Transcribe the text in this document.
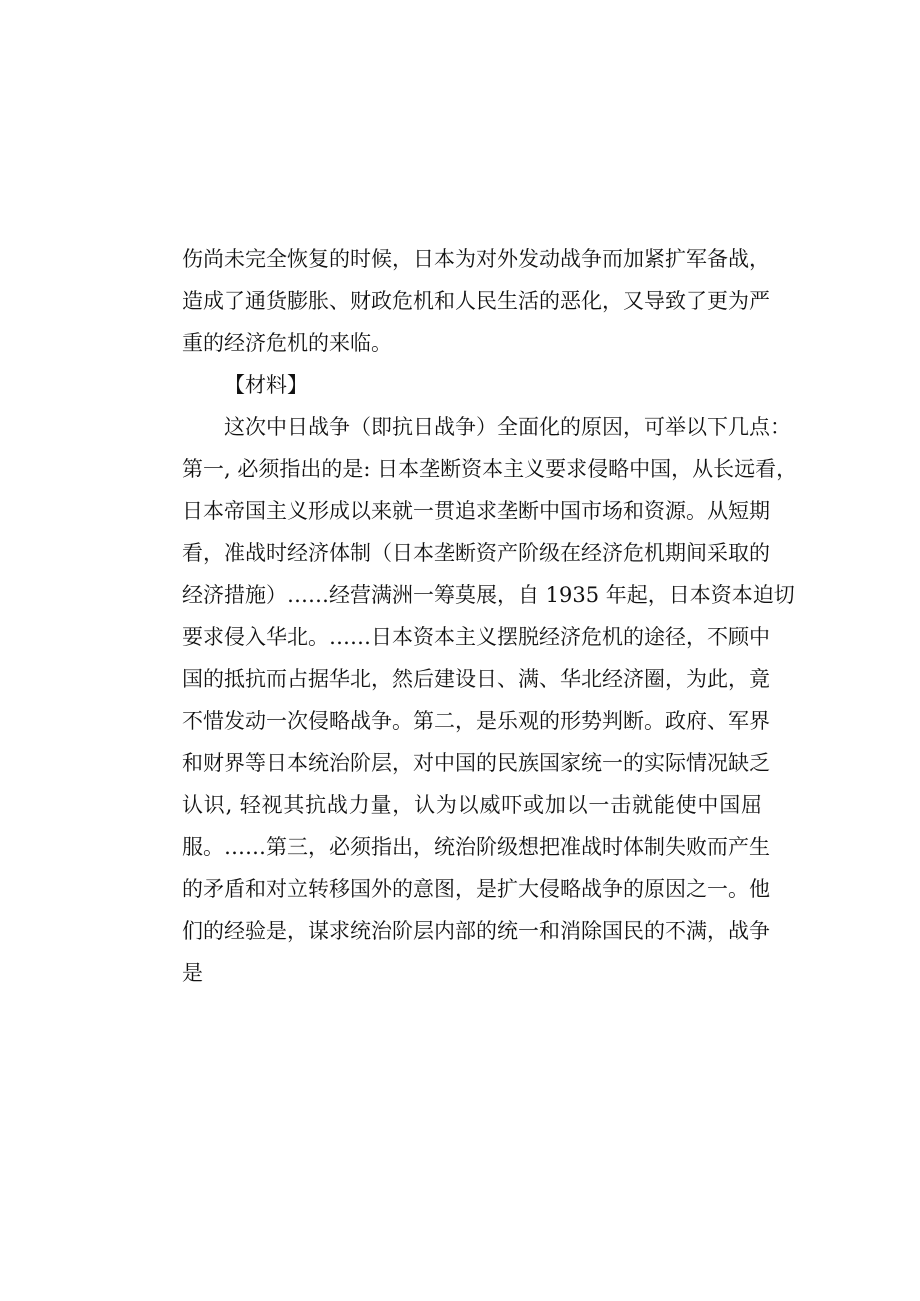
伤尚未完全恢复的时候，日本为对外发动战争而加紧扩军备战，
造成了通货膨胀、财政危机和人民生活的恶化，又导致了更为严
重的经济危机的来临。
【材料】
这次中日战争（即抗日战争）全面化的原因，可举以下几点：
第一, 必须指出的是: 日本垄断资本主义要求侵略中国，从长远看，
日本帝国主义形成以来就一贯追求垄断中国市场和资源。从短期
看，准战时经济体制（日本垄断资产阶级在经济危机期间采取的
经济措施）……经营满洲一筹莫展，自 1935 年起，日本资本迫切
要求侵入华北。……日本资本主义摆脱经济危机的途径，不顾中
国的抵抗而占据华北，然后建设日、满、华北经济圈，为此，竟
不惜发动一次侵略战争。第二，是乐观的形势判断。政府、军界
和财界等日本统治阶层，对中国的民族国家统一的实际情况缺乏
认识, 轻视其抗战力量，认为以威吓或加以一击就能使中国屈
服。……第三，必须指出，统治阶级想把准战时体制失败而产生
的矛盾和对立转移国外的意图，是扩大侵略战争的原因之一。他
们的经验是，谋求统治阶层内部的统一和消除国民的不满，战争
是
